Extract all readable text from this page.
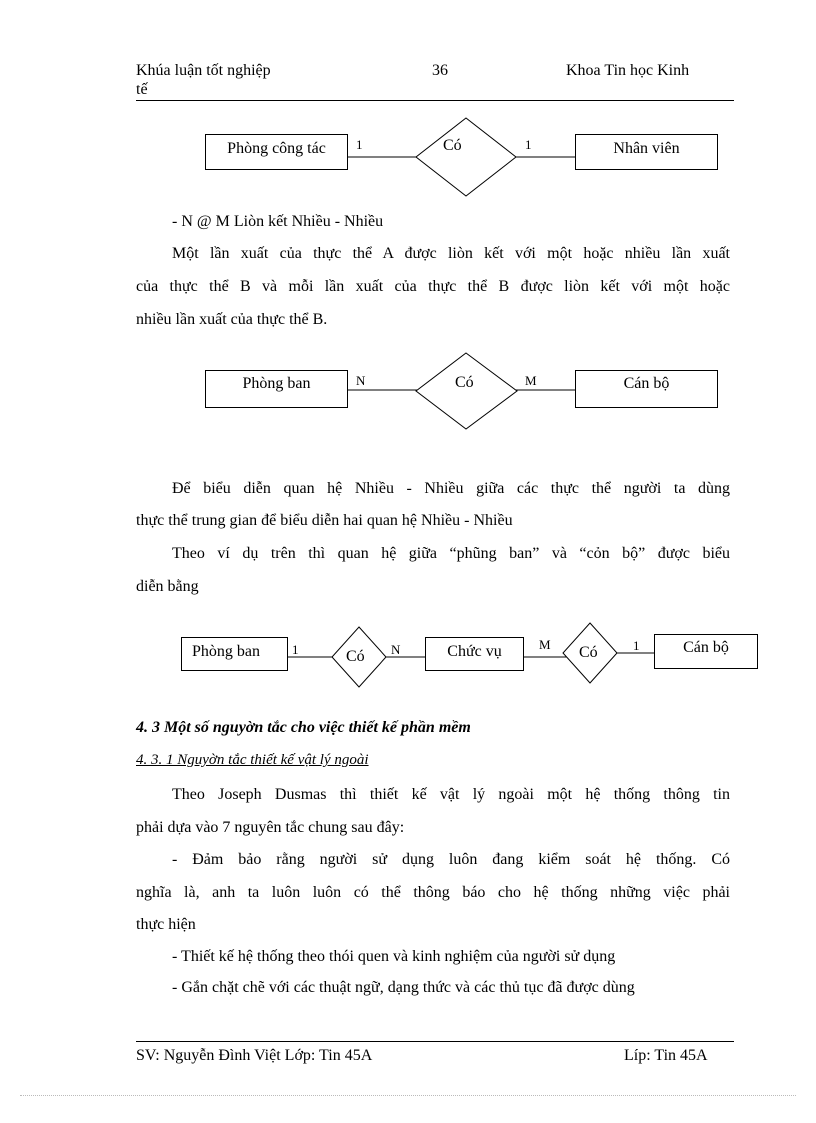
Khúa luận tốt nghiệp
tế
36	Khoa Tin học Kinh
Phòng công tác	Có	Nhân viên
1	1
- N @ M Liòn kết Nhiều - Nhiều
Một lần xuất của thực thể A được liòn kết với một hoặc nhiều lần xuất
của thực thể B và mỗi lần xuất của thực thể B được liòn kết với một hoặc
nhiều lần xuất của thực thể B.
Phòng ban	Có	Cán bộ
N	M
Để biểu diễn quan hệ Nhiều - Nhiều giữa các thực thể người ta dùng
thực thể trung gian để biểu diễn hai quan hệ Nhiều - Nhiều
Theo ví dụ trên thì quan hệ giữa “phũng ban” và “cỏn bộ” được biểu
diễn bằng
Phòng ban	Có	Chức vụ	Có	Cán bộ
1	N	M	1
4. 3 Một số nguyờn tắc cho việc thiết kế phần mềm
4. 3. 1 Nguyờn tắc thiết kế vật lý ngoài
Theo Joseph Dusmas thì thiết kế vật lý ngoài một hệ thống thông tin
phải dựa vào 7 nguyên tắc chung sau đây:
- Đảm bảo rằng người sử dụng luôn đang kiểm soát hệ thống. Có
nghĩa là, anh ta luôn luôn có thể thông báo cho hệ thống những việc phải
thực hiện
- Thiết kế hệ thống theo thói quen và kinh nghiệm của người sử dụng
- Gắn chặt chẽ với các thuật ngữ, dạng thức và các thủ tục đã được dùng
SV: Nguyễn Đình Việt Lớp: Tin 45A	Líp: Tin 45A
